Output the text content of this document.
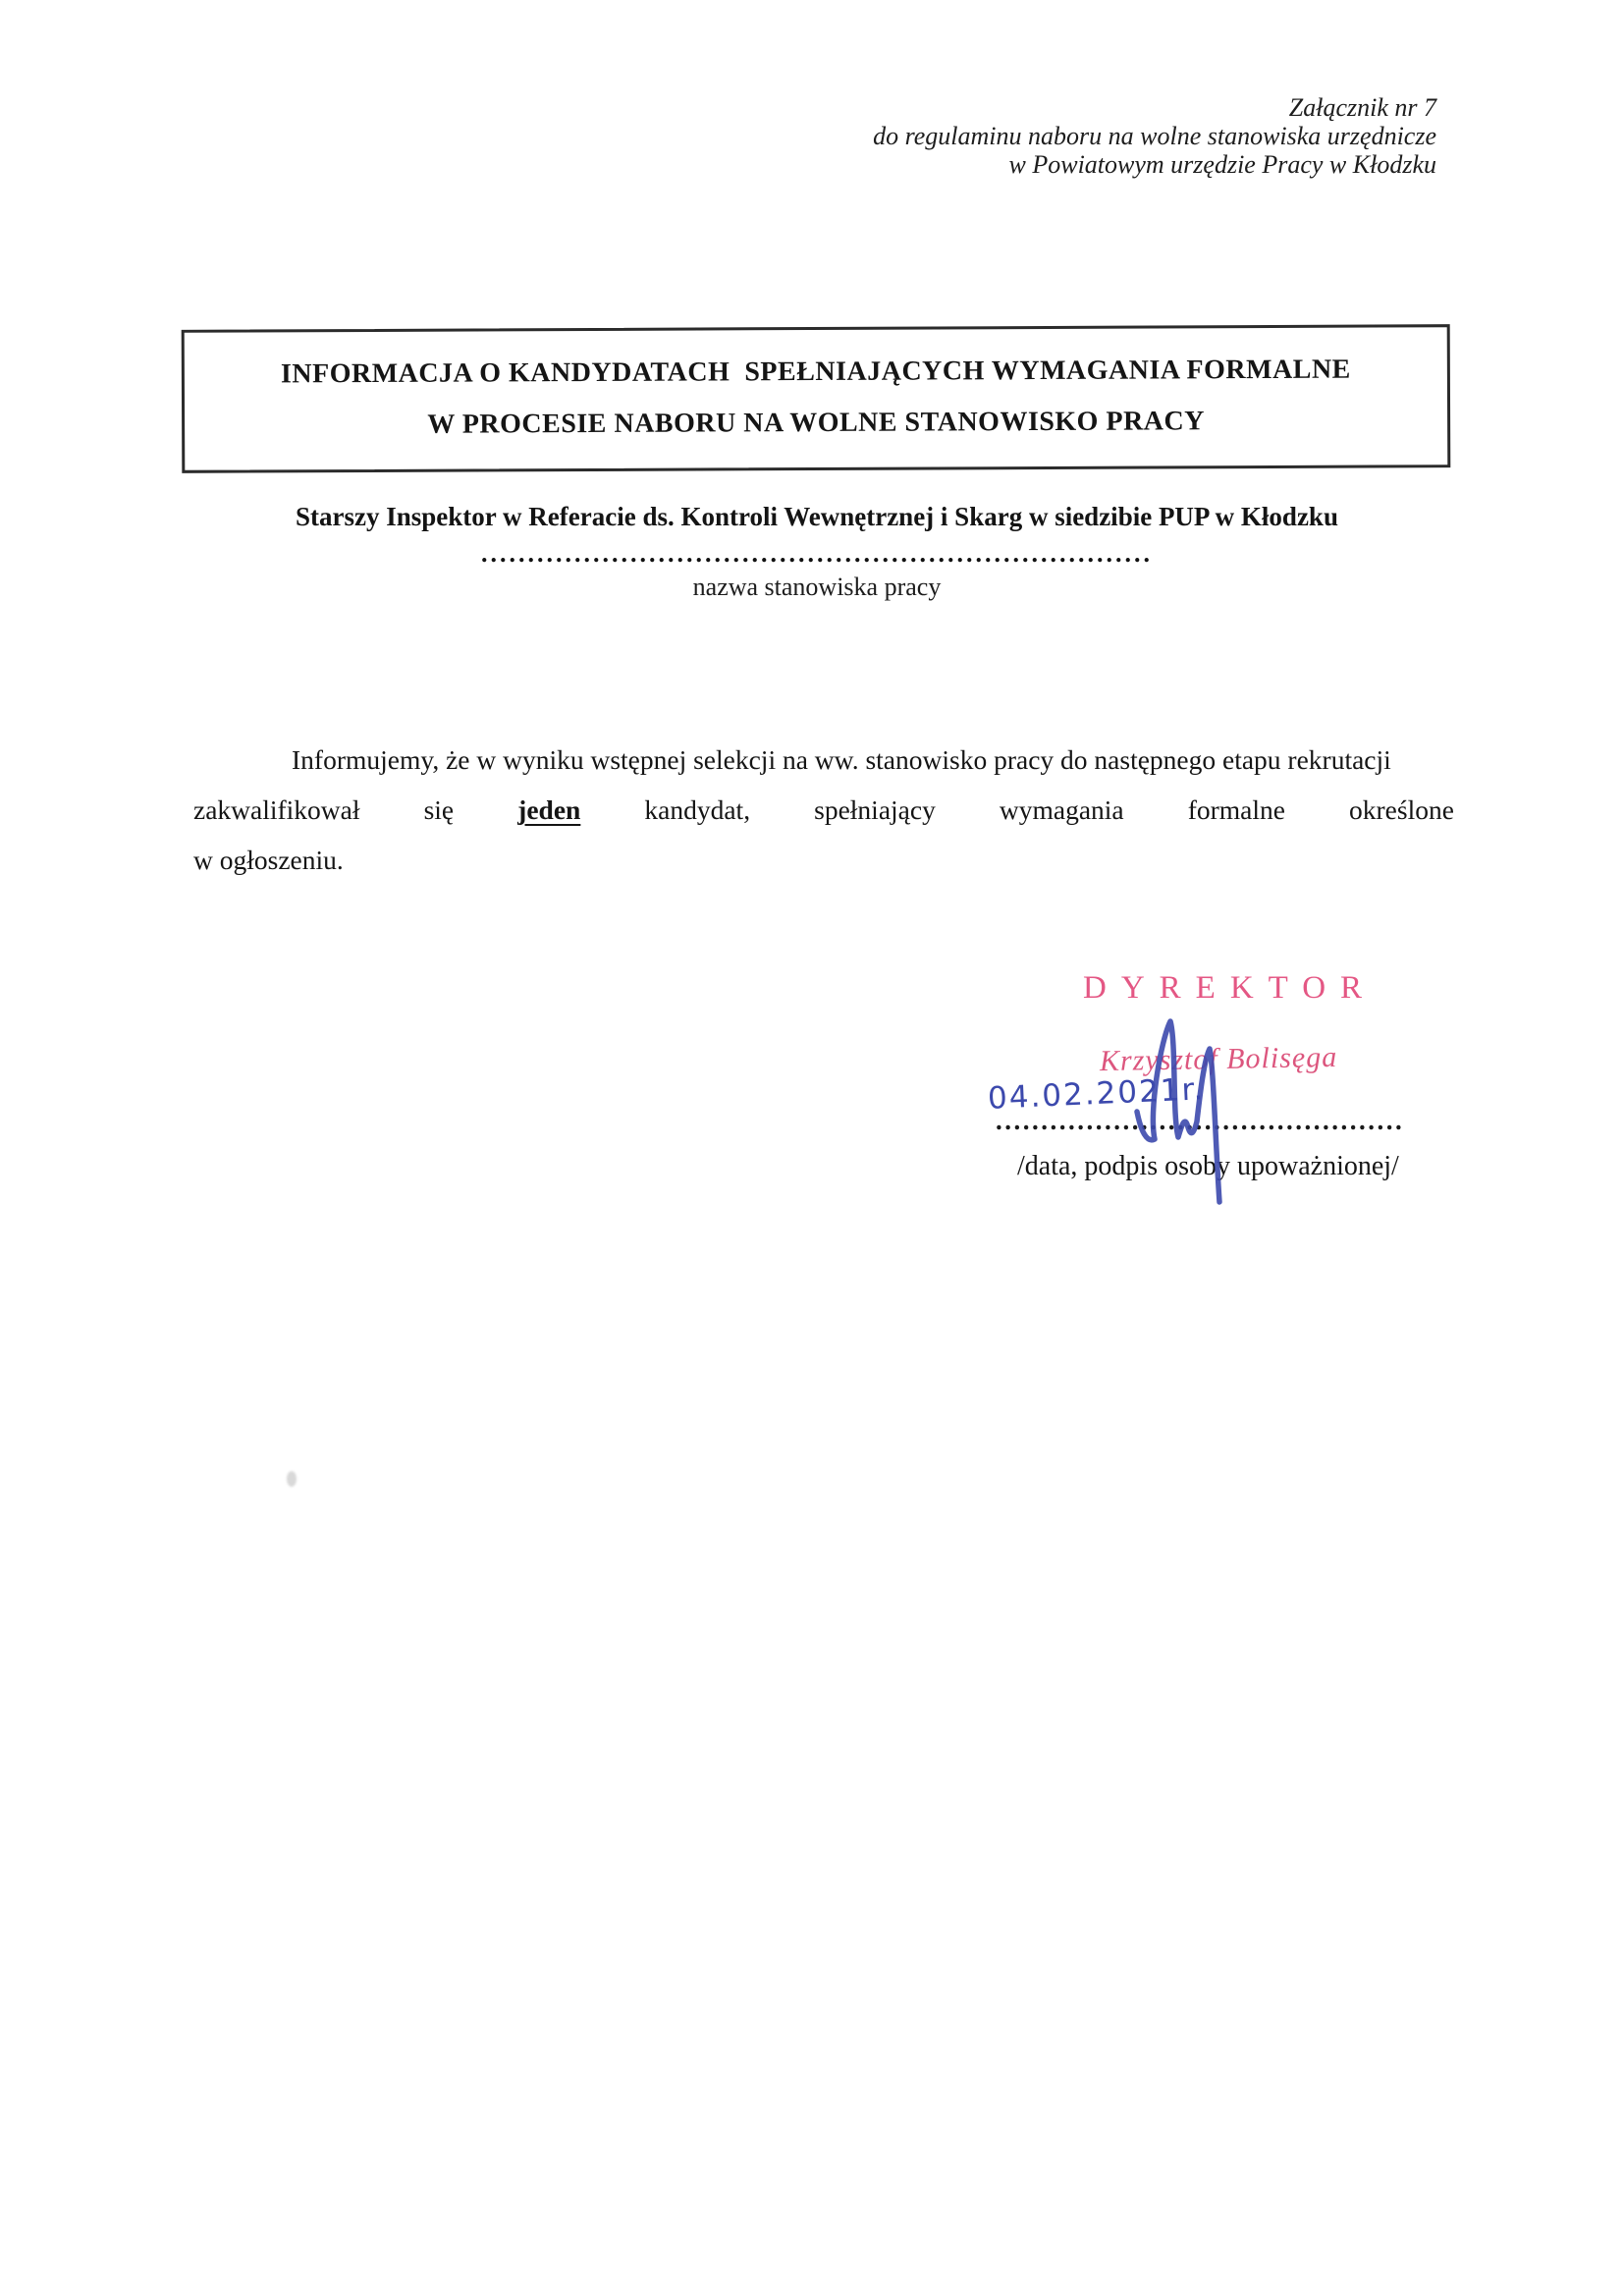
Załącznik nr 7
do regulaminu naboru na wolne stanowiska urzędnicze
w Powiatowym urzędzie Pracy w Kłodzku
INFORMACJA O KANDYDATACH  SPEŁNIAJĄCYCH WYMAGANIA FORMALNE
W PROCESIE NABORU NA WOLNE STANOWISKO PRACY
Starszy Inspektor w Referacie ds. Kontroli Wewnętrznej i Skarg w siedzibie PUP w Kłodzku
........................................................................
nazwa stanowiska pracy
Informujemy, że w wyniku wstępnej selekcji na ww. stanowisko pracy do następnego etapu rekrutacji
zakwalifikował się jeden kandydat, spełniający wymagania formalne określone
w ogłoszeniu.
DYREKTOR
Krzysztof Bolisęga
04.02.2021r.
.............................................
/data, podpis osoby upoważnionej/
